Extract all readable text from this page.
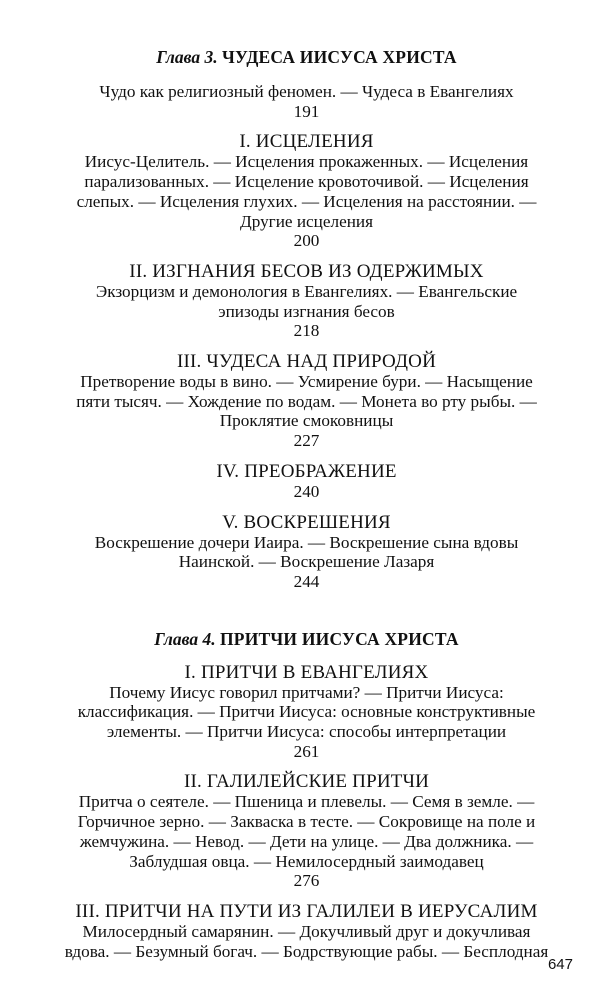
Глава 3. ЧУДЕСА ИИСУСА ХРИСТА

Чудо как религиозный феномен. — Чудеса в Евангелиях

191

I. ИСЦЕЛЕНИЯ

Иисус-Целитель. — Исцеления прокаженных. — Исцеления

парализованных. — Исцеление кровоточивой. — Исцеления

слепых. — Исцеления глухих. — Исцеления на расстоянии. —

Другие исцеления

200

II. ИЗГНАНИЯ БЕСОВ ИЗ ОДЕРЖИМЫХ

Экзорцизм и демонология в Евангелиях. — Евангельские

эпизоды изгнания бесов

218

III. ЧУДЕСА НАД ПРИРОДОЙ

Претворение воды в вино. — Усмирение бури. — Насыщение

пяти тысяч. — Хождение по водам. — Монета во рту рыбы. —

Проклятие смоковницы

227

IV. ПРЕОБРАЖЕНИЕ

240

V. ВОСКРЕШЕНИЯ

Воскрешение дочери Иаира. — Воскрешение сына вдовы

Наинской. — Воскрешение Лазаря

244

Глава 4. ПРИТЧИ ИИСУСА ХРИСТА

I. ПРИТЧИ В ЕВАНГЕЛИЯХ

Почему Иисус говорил притчами? — Притчи Иисуса:

классификация. — Притчи Иисуса: основные конструктивные

элементы. — Притчи Иисуса: способы интерпретации

261

II. ГАЛИЛЕЙСКИЕ ПРИТЧИ

Притча о сеятеле. — Пшеница и плевелы. — Семя в земле. —

Горчичное зерно. — Закваска в тесте. — Сокровище на поле и

жемчужина. — Невод. — Дети на улице. — Два должника. —

Заблудшая овца. — Немилосердный заимодавец

276

III. ПРИТЧИ НА ПУТИ ИЗ ГАЛИЛЕИ В ИЕРУСАЛИМ

Милосердный самарянин. — Докучливый друг и докучливая

вдова. — Безумный богач. — Бодрствующие рабы. — Бесплодная

647
